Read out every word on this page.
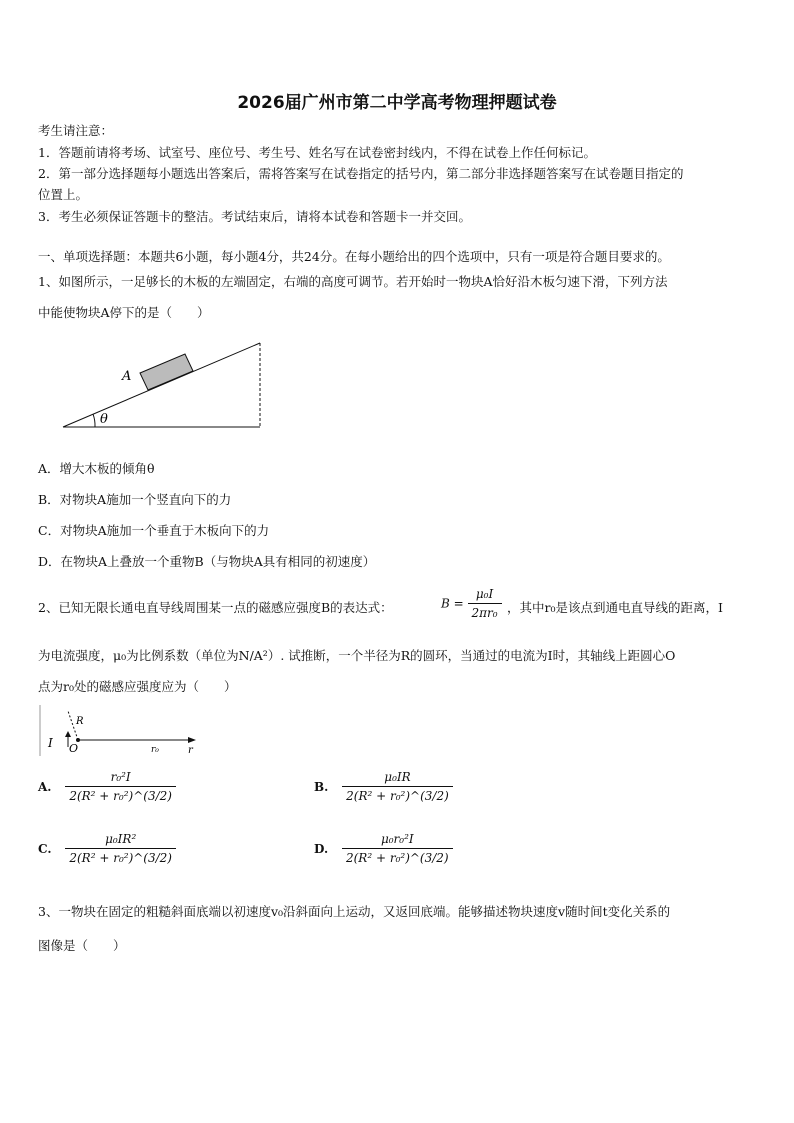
2026届广州市第二中学高考物理押题试卷
考生请注意：
1．答题前请将考场、试室号、座位号、考生号、姓名写在试卷密封线内，不得在试卷上作任何标记。
2．第一部分选择题每小题选出答案后，需将答案写在试卷指定的括号内，第二部分非选择题答案写在试卷题目指定的
位置上。
3．考生必须保证答题卡的整洁。考试结束后，请将本试卷和答题卡一并交回。
一、单项选择题：本题共6小题，每小题4分，共24分。在每小题给出的四个选项中，只有一项是符合题目要求的。
1、如图所示，一足够长的木板的左端固定，右端的高度可调节。若开始时一物块A恰好沿木板匀速下滑，下列方法
中能使物块A停下的是（　　）
A
θ
A．增大木板的倾角θ
B．对物块A施加一个竖直向下的力
C．对物块A施加一个垂直于木板向下的力
D．在物块A上叠放一个重物B（与物块A具有相同的初速度）
2、已知无限长通电直导线周围某一点的磁感应强度B的表达式：	$B = \frac{\text{μ₀I}}{\text{2πr₀}}$ ，其中r₀是该点到通电直导线的距离，I
为电流强度，μ₀为比例系数（单位为N/A²）. 试推断，一个半径为R的圆环，当通过的电流为I时，其轴线上距圆心O
点为r₀处的磁感应强度应为（　　）
I O
R
r₀	r
A. $\frac{\text{r₀²I}}{\text{2(R² + r₀²)\textasciicircum{}(3/2)}}$	B. $\frac{\text{μ₀IR}}{\text{2(R² + r₀²)\textasciicircum{}(3/2)}}$
C. $\frac{\text{μ₀IR²}}{\text{2(R² + r₀²)\textasciicircum{}(3/2)}}$	D. $\frac{\text{μ₀r₀²I}}{\text{2(R² + r₀²)\textasciicircum{}(3/2)}}$
3、一物块在固定的粗糙斜面底端以初速度v₀沿斜面向上运动，又返回底端。能够描述物块速度v随时间t变化关系的
图像是（　　）
